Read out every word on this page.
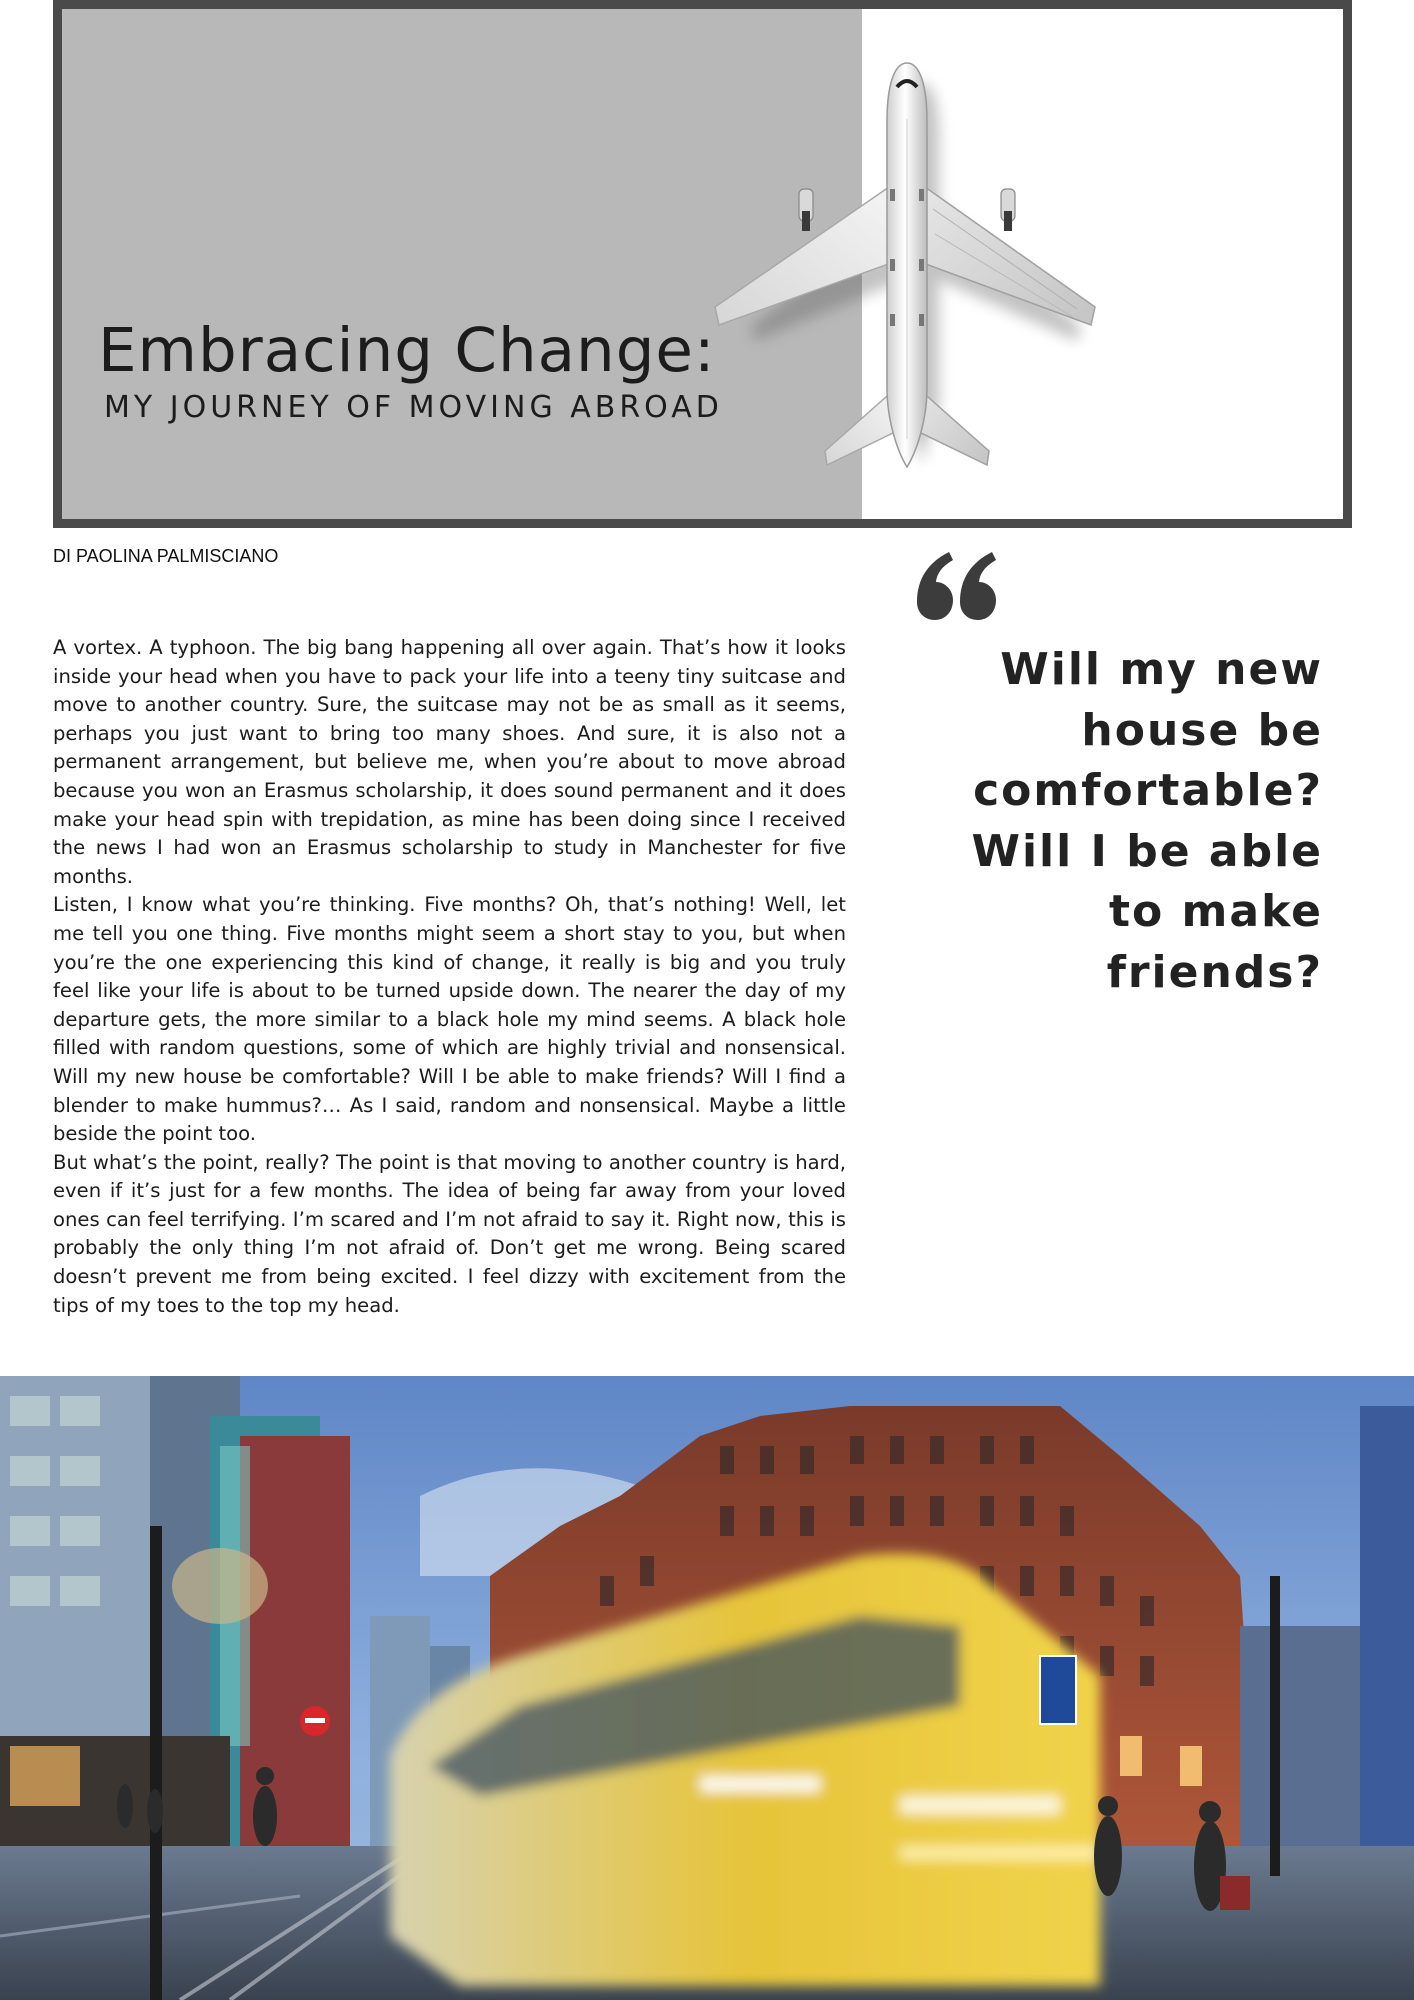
Embracing Change:
MY JOURNEY OF MOVING ABROAD

DI PAOLINA PALMISCIANO

A vortex. A typhoon. The big bang happening all over again. That’s how it looks inside your head when you have to pack your life into a teeny tiny suitcase and move to another country. Sure, the suitcase may not be as small as it seems, perhaps you just want to bring too many shoes. And sure, it is also not a permanent arrangement, but believe me, when you’re about to move abroad because you won an Erasmus scholarship, it does sound permanent and it does make your head spin with trepidation, as mine has been doing since I received the news I had won an Erasmus scholarship to study in Manchester for five months.

Listen, I know what you’re thinking. Five months? Oh, that’s nothing! Well, let me tell you one thing. Five months might seem a short stay to you, but when you’re the one experiencing this kind of change, it really is big and you truly feel like your life is about to be turned upside down. The nearer the day of my departure gets, the more similar to a black hole my mind seems. A black hole filled with random questions, some of which are highly trivial and nonsensical. Will my new house be comfortable? Will I be able to make friends? Will I find a blender to make hummus?… As I said, random and nonsensical. Maybe a little beside the point too.

But what’s the point, really? The point is that moving to another country is hard, even if it’s just for a few months. The idea of being far away from your loved ones can feel terrifying. I’m scared and I’m not afraid to say it. Right now, this is probably the only thing I’m not afraid of. Don’t get me wrong. Being scared doesn’t prevent me from being excited. I feel dizzy with excitement from the tips of my toes to the top my head.

Will my new house be comfortable? Will I be able to make friends?
